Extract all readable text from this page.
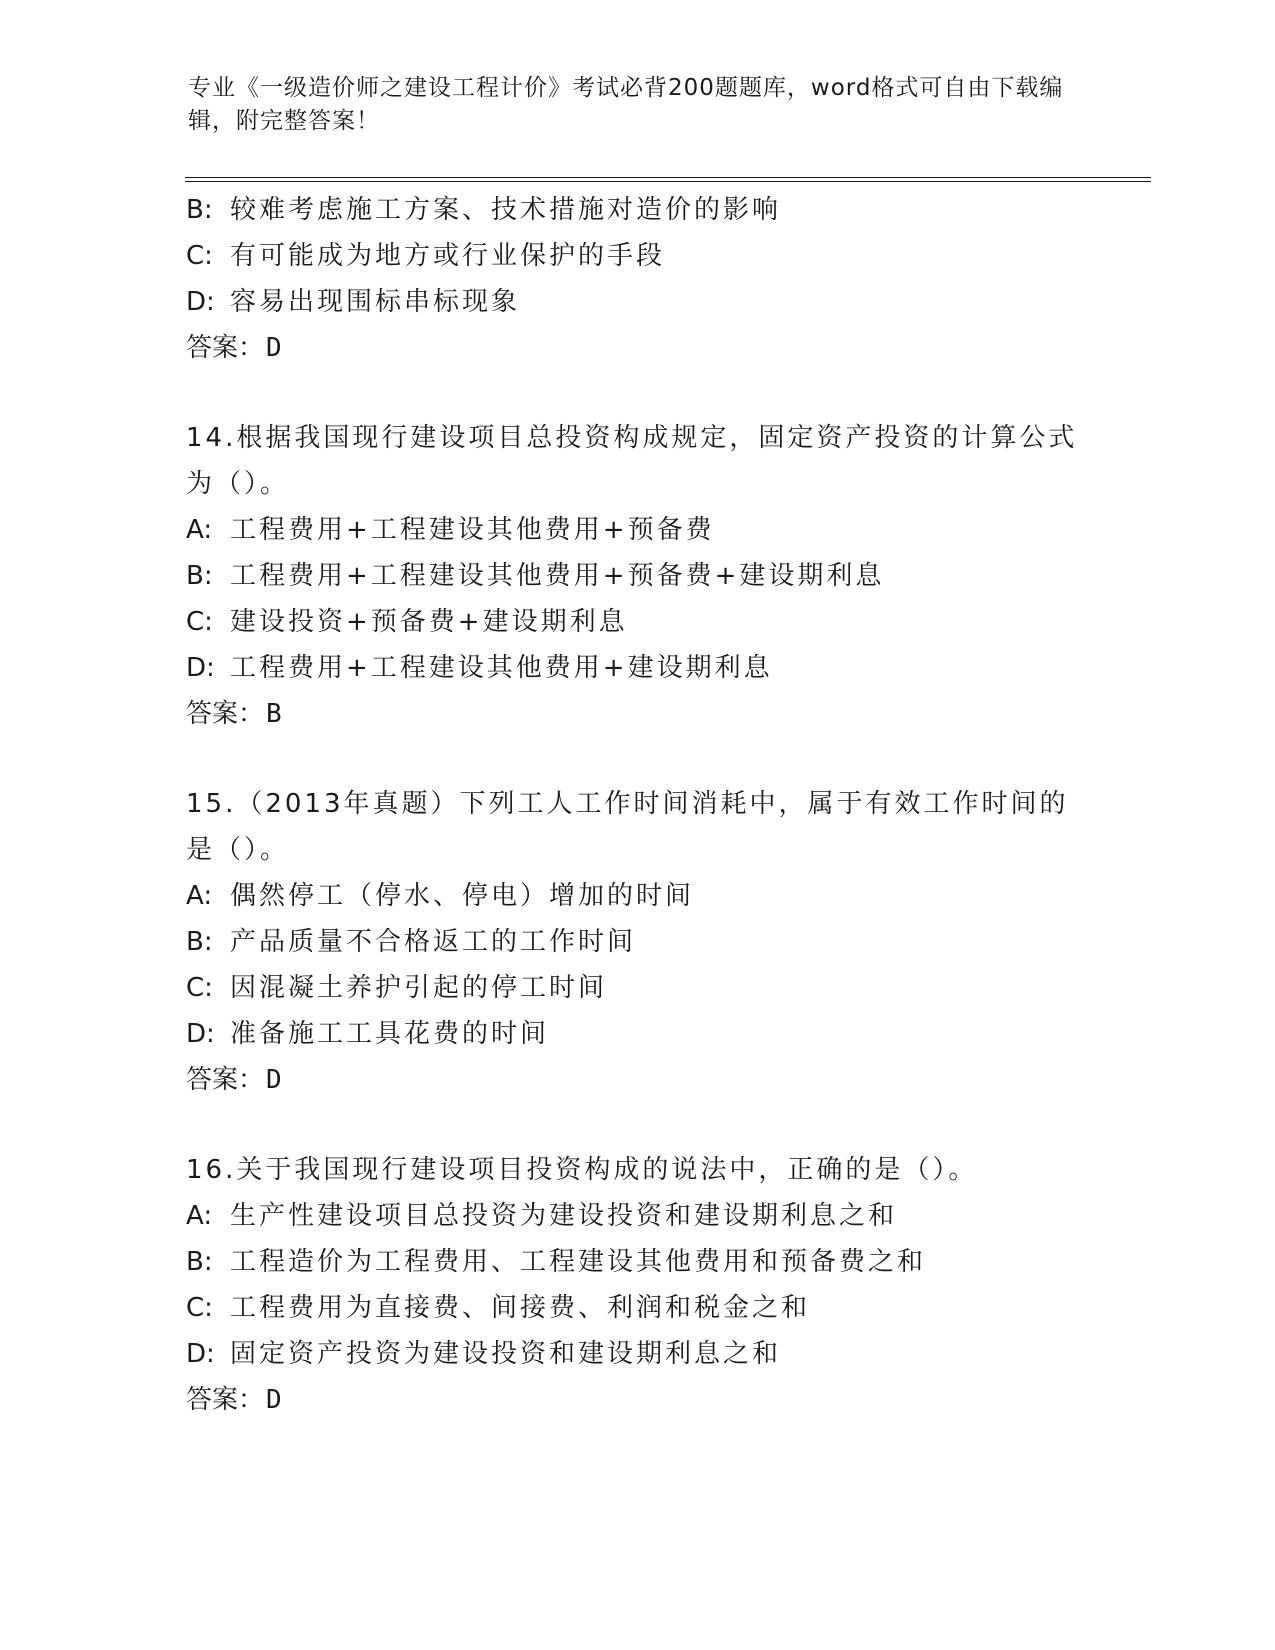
专业《一级造价师之建设工程计价》考试必背200题题库，word格式可自由下载编辑，附完整答案！
B: 较难考虑施工方案、技术措施对造价的影响
C: 有可能成为地方或行业保护的手段
D: 容易出现围标串标现象
答案：D
14.根据我国现行建设项目总投资构成规定，固定资产投资的计算公式为（）。
A: 工程费用+工程建设其他费用+预备费
B: 工程费用+工程建设其他费用+预备费+建设期利息
C: 建设投资+预备费+建设期利息
D: 工程费用+工程建设其他费用+建设期利息
答案：B
15.（2013年真题）下列工人工作时间消耗中，属于有效工作时间的是（）。
A: 偶然停工（停水、停电）增加的时间
B: 产品质量不合格返工的工作时间
C: 因混凝土养护引起的停工时间
D: 准备施工工具花费的时间
答案：D
16.关于我国现行建设项目投资构成的说法中，正确的是（）。
A: 生产性建设项目总投资为建设投资和建设期利息之和
B: 工程造价为工程费用、工程建设其他费用和预备费之和
C: 工程费用为直接费、间接费、利润和税金之和
D: 固定资产投资为建设投资和建设期利息之和
答案：D
